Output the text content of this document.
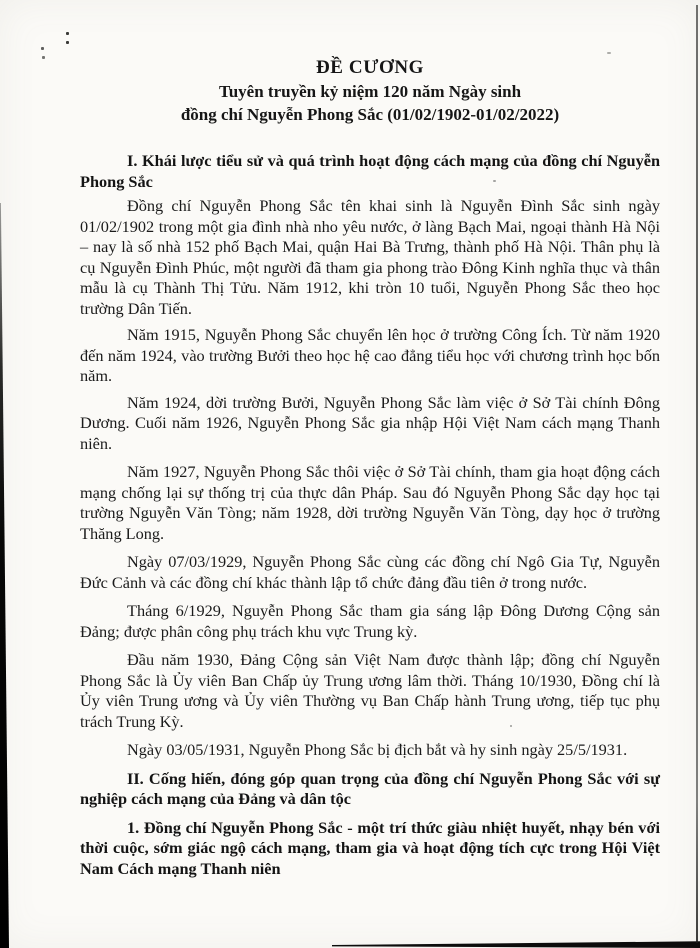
ĐỀ CƯƠNG
Tuyên truyền kỷ niệm 120 năm Ngày sinh
đồng chí Nguyễn Phong Sắc (01/02/1902-01/02/2022)

I. Khái lược tiểu sử và quá trình hoạt động cách mạng của đồng chí Nguyễn Phong Sắc

Đồng chí Nguyễn Phong Sắc tên khai sinh là Nguyễn Đình Sắc sinh ngày 01/02/1902 trong một gia đình nhà nho yêu nước, ở làng Bạch Mai, ngoại thành Hà Nội – nay là số nhà 152 phố Bạch Mai, quận Hai Bà Trưng, thành phố Hà Nội. Thân phụ là cụ Nguyễn Đình Phúc, một người đã tham gia phong trào Đông Kinh nghĩa thục và thân mẫu là cụ Thành Thị Tửu. Năm 1912, khi tròn 10 tuổi, Nguyễn Phong Sắc theo học trường Dân Tiến.

Năm 1915, Nguyễn Phong Sắc chuyển lên học ở trường Công Ích. Từ năm 1920 đến năm 1924, vào trường Bưởi theo học hệ cao đẳng tiểu học với chương trình học bốn năm.

Năm 1924, dời trường Bưởi, Nguyễn Phong Sắc làm việc ở Sở Tài chính Đông Dương. Cuối năm 1926, Nguyễn Phong Sắc gia nhập Hội Việt Nam cách mạng Thanh niên.

Năm 1927, Nguyễn Phong Sắc thôi việc ở Sở Tài chính, tham gia hoạt động cách mạng chống lại sự thống trị của thực dân Pháp. Sau đó Nguyễn Phong Sắc dạy học tại trường Nguyễn Văn Tòng; năm 1928, dời trường Nguyễn Văn Tòng, dạy học ở trường Thăng Long.

Ngày 07/03/1929, Nguyễn Phong Sắc cùng các đồng chí Ngô Gia Tự, Nguyễn Đức Cảnh và các đồng chí khác thành lập tổ chức đảng đầu tiên ở trong nước.

Tháng 6/1929, Nguyễn Phong Sắc tham gia sáng lập Đông Dương Cộng sản Đảng; được phân công phụ trách khu vực Trung kỳ.

Đầu năm 1930, Đảng Cộng sản Việt Nam được thành lập; đồng chí Nguyễn Phong Sắc là Ủy viên Ban Chấp ủy Trung ương lâm thời. Tháng 10/1930, Đồng chí là Ủy viên Trung ương và Ủy viên Thường vụ Ban Chấp hành Trung ương, tiếp tục phụ trách Trung Kỳ.

Ngày 03/05/1931, Nguyễn Phong Sắc bị địch bắt và hy sinh ngày 25/5/1931.

II. Cống hiến, đóng góp quan trọng của đồng chí Nguyễn Phong Sắc với sự nghiệp cách mạng của Đảng và dân tộc

1. Đồng chí Nguyễn Phong Sắc - một trí thức giàu nhiệt huyết, nhạy bén với thời cuộc, sớm giác ngộ cách mạng, tham gia và hoạt động tích cực trong Hội Việt Nam Cách mạng Thanh niên
